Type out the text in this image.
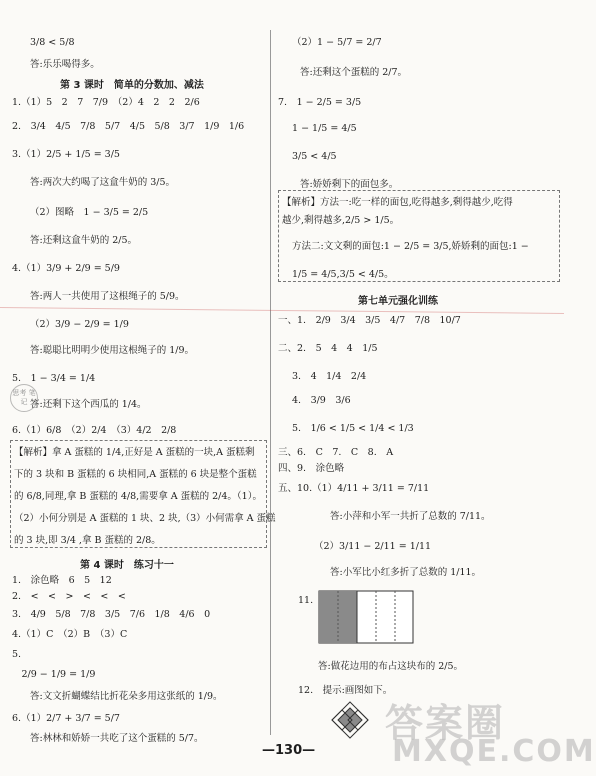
思考 笔记
答案圈
MXQE.COM
—130—
3/8 < 5/8
答:乐乐喝得多。
第 3 课时　简单的分数加、减法
1.（1）5　2　7　7/9　（2）4　2　2　2/6
2.　3/4　4/5　7/8　5/7　4/5　5/8　3/7　1/9　1/6
3.（1）2/5 + 1/5 = 3/5
答:两次大约喝了这盒牛奶的 3/5。
（2）图略　1 − 3/5 = 2/5
答:还剩这盒牛奶的 2/5。
4.（1）3/9 + 2/9 = 5/9
答:两人一共使用了这根绳子的 5/9。
（2）3/9 − 2/9 = 1/9
答:聪聪比明明少使用这根绳子的 1/9。
5.　1 − 3/4 = 1/4
答:还剩下这个西瓜的 1/4。
6.（1）6/8　（2）2/4　（3）4/2　2/8
【解析】拿 A 蛋糕的 1/4,正好是 A 蛋糕的一块,A 蛋糕剩
下的 3 块和 B 蛋糕的 6 块相同,A 蛋糕的 6 块是整个蛋糕
的 6/8,同理,拿 B 蛋糕的 4/8,需要拿 A 蛋糕的 2/4。（1）。
（2）小何分别是 A 蛋糕的 1 块、2 块,（3）小何需拿 A 蛋糕
的 3 块,即 3/4 ,拿 B 蛋糕的 2/8。
第 4 课时　练习十一
1.　涂色略　6　5　12
2.　<　<　>　<　<　<
3.　4/9　5/8　7/8　3/5　7/6　1/8　4/6　0
4.（1）C　（2）B　（3）C
5.　
　2/9 − 1/9 = 1/9
答:文文折蝴蝶结比折花朵多用这张纸的 1/9。
6.（1）2/7 + 3/7 = 5/7
答:林林和娇娇一共吃了这个蛋糕的 5/7。
（2）1 − 5/7 = 2/7
答:还剩这个蛋糕的 2/7。
7.　1 − 2/5 = 3/5
1 − 1/5 = 4/5
3/5 < 4/5
答:娇娇剩下的面包多。
【解析】方法一:吃一样的面包,吃得越多,剩得越少,吃得
越少,剩得越多,2/5 > 1/5。
方法二:文文剩的面包:1 − 2/5 = 3/5,娇娇剩的面包:1 −
1/5 = 4/5,3/5 < 4/5。
第七单元强化训练
一、1.　2/9　3/4　3/5　4/7　7/8　10/7
二、2.　5　4　4　1/5
3.　4　1/4　2/4
4.　3/9　3/6
5.　1/6 < 1/5 < 1/4 < 1/3
三、6.　C　7.　C　8.　A
四、9.　涂色略
五、10.（1）4/11 + 3/11 = 7/11
答:小萍和小军一共折了总数的 7/11。
（2）3/11 − 2/11 = 1/11
答:小军比小红多折了总数的 1/11。
11.
答:做花边用的布占这块布的 2/5。
12.　提示:画图如下。
